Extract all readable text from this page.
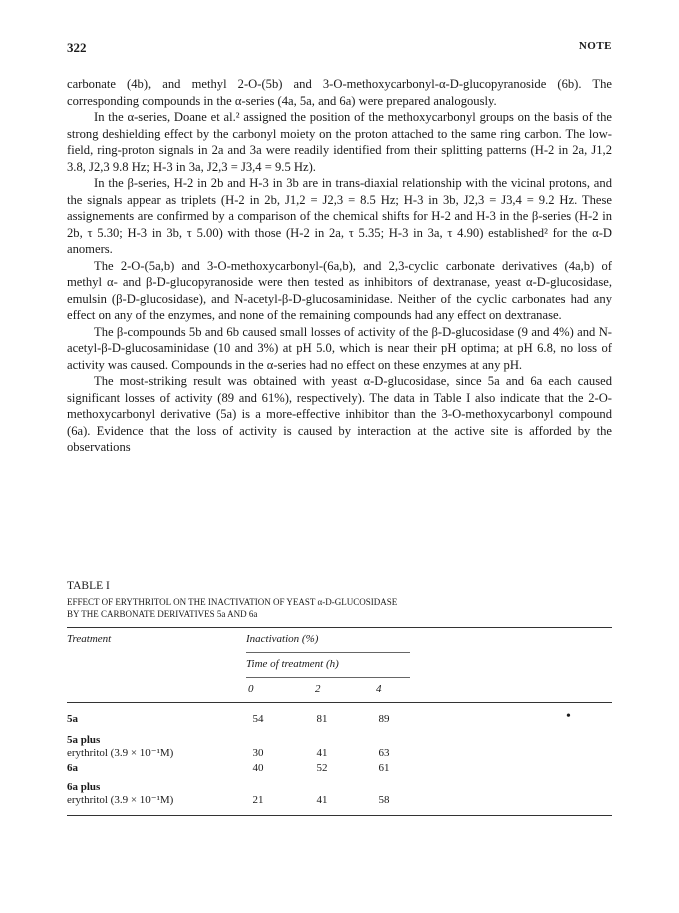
322	NOTE

carbonate (4b), and methyl 2-O-(5b) and 3-O-methoxycarbonyl-α-D-glucopyranoside (6b). The corresponding compounds in the α-series (4a, 5a, and 6a) were prepared analogously.

In the α-series, Doane et al.² assigned the position of the methoxycarbonyl groups on the basis of the strong deshielding effect by the carbonyl moiety on the proton attached to the same ring carbon. The low-field, ring-proton signals in 2a and 3a were readily identified from their splitting patterns (H-2 in 2a, J1,2 3.8, J2,3 9.8 Hz; H-3 in 3a, J2,3 = J3,4 = 9.5 Hz).

In the β-series, H-2 in 2b and H-3 in 3b are in trans-diaxial relationship with the vicinal protons, and the signals appear as triplets (H-2 in 2b, J1,2 = J2,3 = 8.5 Hz; H-3 in 3b, J2,3 = J3,4 = 9.2 Hz. These assignements are confirmed by a comparison of the chemical shifts for H-2 and H-3 in the β-series (H-2 in 2b, τ 5.30; H-3 in 3b, τ 5.00) with those (H-2 in 2a, τ 5.35; H-3 in 3a, τ 4.90) established² for the α-D anomers.

The 2-O-(5a,b) and 3-O-methoxycarbonyl-(6a,b), and 2,3-cyclic carbonate derivatives (4a,b) of methyl α- and β-D-glucopyranoside were then tested as inhibitors of dextranase, yeast α-D-glucosidase, emulsin (β-D-glucosidase), and N-acetyl-β-D-glucosaminidase. Neither of the cyclic carbonates had any effect on any of the enzymes, and none of the remaining compounds had any effect on dextranase.

The β-compounds 5b and 6b caused small losses of activity of the β-D-glucosidase (9 and 4%) and N-acetyl-β-D-glucosaminidase (10 and 3%) at pH 5.0, which is near their pH optima; at pH 6.8, no loss of activity was caused. Compounds in the α-series had no effect on these enzymes at any pH.

The most-striking result was obtained with yeast α-D-glucosidase, since 5a and 6a each caused significant losses of activity (89 and 61%), respectively). The data in Table I also indicate that the 2-O-methoxycarbonyl derivative (5a) is a more-effective inhibitor than the 3-O-methoxycarbonyl compound (6a). Evidence that the loss of activity is caused by interaction at the active site is afforded by the observations

TABLE I

EFFECT OF ERYTHRITOL ON THE INACTIVATION OF YEAST α-D-GLUCOSIDASE

BY THE CARBONATE DERIVATIVES 5a AND 6a

Treatment	Inactivation (%)
Time of treatment (h)
0	2	4
5a	54	81	89	•
5a plus
erythritol (3.9 × 10⁻¹M)	30	41	63
6a	40	52	61
6a plus
erythritol (3.9 × 10⁻¹M)	21	41	58
